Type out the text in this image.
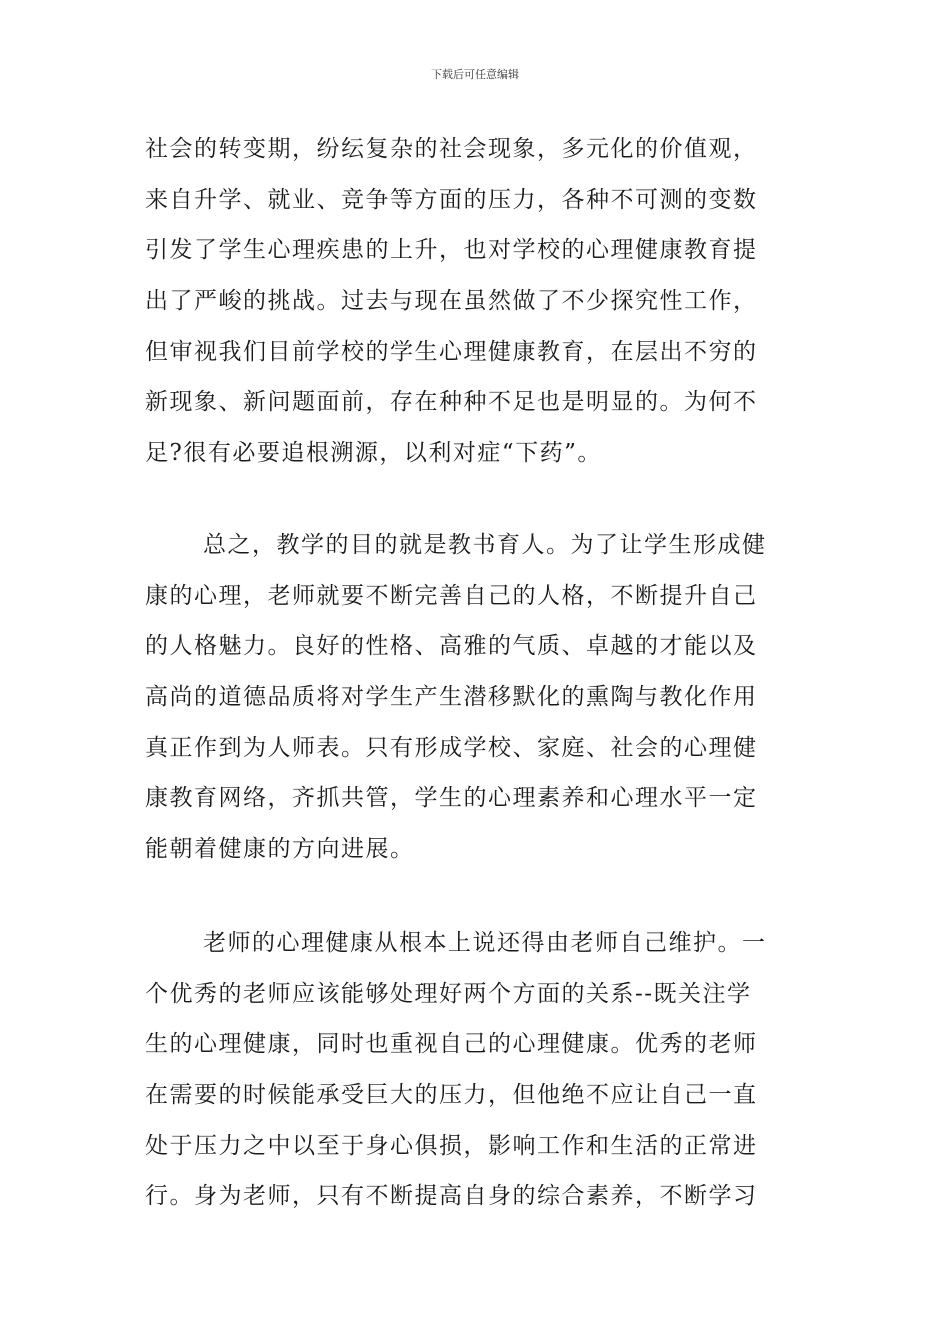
下载后可任意编辑
社会的转变期，纷纭复杂的社会现象，多元化的价值观，
来自升学、就业、竞争等方面的压力，各种不可测的变数
引发了学生心理疾患的上升，也对学校的心理健康教育提
出了严峻的挑战。过去与现在虽然做了不少探究性工作，
但审视我们目前学校的学生心理健康教育，在层出不穷的
新现象、新问题面前，存在种种不足也是明显的。为何不
足?很有必要追根溯源，以利对症“下药”。
总之，教学的目的就是教书育人。为了让学生形成健
康的心理，老师就要不断完善自己的人格，不断提升自己
的人格魅力。良好的性格、高雅的气质、卓越的才能以及
高尚的道德品质将对学生产生潜移默化的熏陶与教化作用
真正作到为人师表。只有形成学校、家庭、社会的心理健
康教育网络，齐抓共管，学生的心理素养和心理水平一定
能朝着健康的方向进展。
老师的心理健康从根本上说还得由老师自己维护。一
个优秀的老师应该能够处理好两个方面的关系--既关注学
生的心理健康，同时也重视自己的心理健康。优秀的老师
在需要的时候能承受巨大的压力，但他绝不应让自己一直
处于压力之中以至于身心俱损，影响工作和生活的正常进
行。身为老师，只有不断提高自身的综合素养，不断学习
